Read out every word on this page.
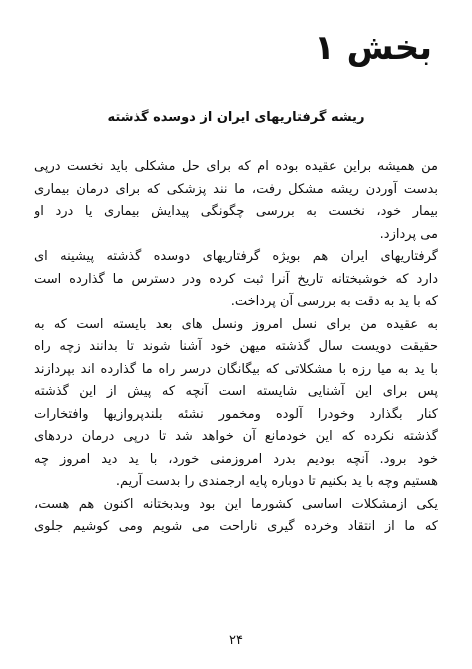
بخش ۱
ریشه گرفتاریهای ایران از دوسده گذشته
من همیشه براین عقیده بوده ام که برای حل مشکلی باید نخست درپی
بدست آوردن ریشه مشکل رفت، ما نند پزشکی که برای درمان بیماری
بیمار خود، نخست به بررسی چگونگی پیدایش بیماری یا درد او
می پردازد.
گرفتاریهای ایران هم بویژه گرفتاریهای دوسده گذشته پیشینه ای
دارد که خوشبختانه تاریخ آنرا ثبت کرده ودر دسترس ما گذارده است
که با ید به دقت به بررسی آن پرداخت.
به عقیده من برای نسل امروز ونسل های بعد بایسته است که به
حقیقت دویست سال گذشته میهن خود آشنا شوند تا بدانند زچه راه
با ید به میا رزه با مشکلاتی که بیگانگان درسر راه ما گذارده اند بپردازند
پس برای این آشنایی شایسته است آنچه که پیش از این گذشته
کنار بگذارد وخودرا آلوده ومخمور نشئه بلندپروازیها وافتخارات
گذشته نکرده که این خودمانع آن خواهد شد تا درپی درمان دردهای
خود برود. آنچه بودیم بدرد امروزمنی خورد، با ید دید امروز چه
هستیم وچه با ید بکنیم تا دوباره پایه ارجمندی را بدست آریم.
یکی ازمشکلات اساسی کشورما این بود وبدبختانه اکنون هم هست،
که ما از انتقاد وخرده گیری ناراحت می شویم ومی کوشیم جلوی
۲۴
